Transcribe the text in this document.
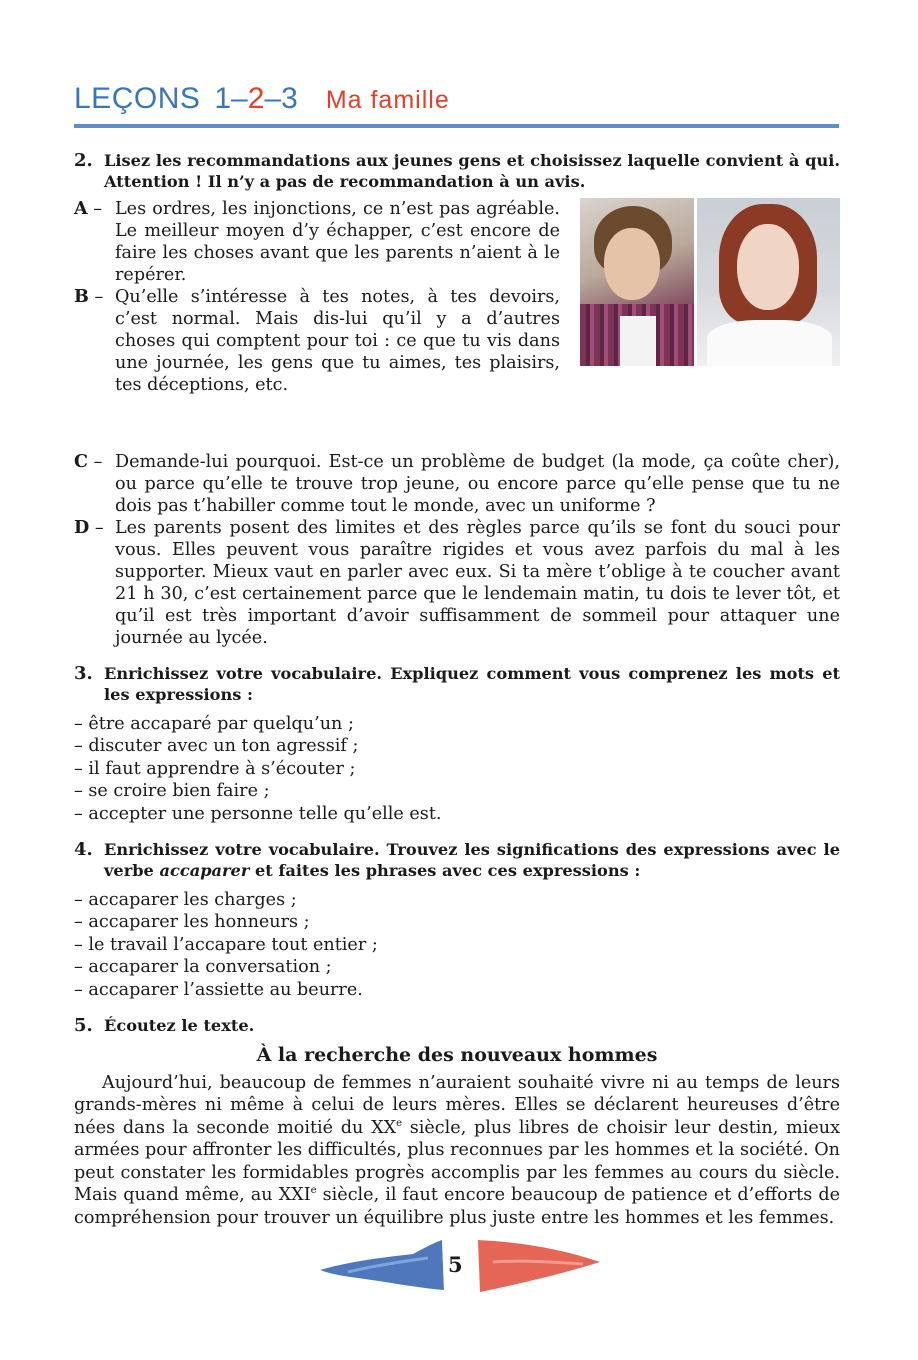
LEÇONS 1–2–3 Ma famille
2. Lisez les recommandations aux jeunes gens et choisissez laquelle convient à qui. Attention ! Il n’y a pas de recommandation à un avis.
A – Les ordres, les injonctions, ce n’est pas agréable. Le meilleur moyen d’y échapper, c’est encore de faire les choses avant que les parents n’aient à le repérer.
B – Qu’elle s’intéresse à tes notes, à tes devoirs, c’est normal. Mais dis-lui qu’il y a d’autres choses qui comptent pour toi : ce que tu vis dans une journée, les gens que tu aimes, tes plaisirs, tes déceptions, etc.
C – Demande-lui pourquoi. Est-ce un problème de budget (la mode, ça coûte cher), ou parce qu’elle te trouve trop jeune, ou encore parce qu’elle pense que tu ne dois pas t’habiller comme tout le monde, avec un uniforme ?
D – Les parents posent des limites et des règles parce qu’ils se font du souci pour vous. Elles peuvent vous paraître rigides et vous avez parfois du mal à les supporter. Mieux vaut en parler avec eux. Si ta mère t’oblige à te coucher avant 21 h 30, c’est certainement parce que le lendemain matin, tu dois te lever tôt, et qu’il est très important d’avoir suffisamment de sommeil pour attaquer une journée au lycée.
3. Enrichissez votre vocabulaire. Expliquez comment vous comprenez les mots et les expressions :
– être accaparé par quelqu’un ;
– discuter avec un ton agressif ;
– il faut apprendre à s’écouter ;
– se croire bien faire ;
– accepter une personne telle qu’elle est.
4. Enrichissez votre vocabulaire. Trouvez les significations des expressions avec le verbe accaparer et faites les phrases avec ces expressions :
– accaparer les charges ;
– accaparer les honneurs ;
– le travail l’accapare tout entier ;
– accaparer la conversation ;
– accaparer l’assiette au beurre.
5. Écoutez le texte.
À la recherche des nouveaux hommes
Aujourd’hui, beaucoup de femmes n’auraient souhaité vivre ni au temps de leurs grands-mères ni même à celui de leurs mères. Elles se déclarent heureuses d’être nées dans la seconde moitié du XXe siècle, plus libres de choisir leur destin, mieux armées pour affronter les difficultés, plus reconnues par les hommes et la société. On peut constater les formidables progrès accomplis par les femmes au cours du siècle. Mais quand même, au XXIe siècle, il faut encore beaucoup de patience et d’efforts de compréhension pour trouver un équilibre plus juste entre les hommes et les femmes.
5
